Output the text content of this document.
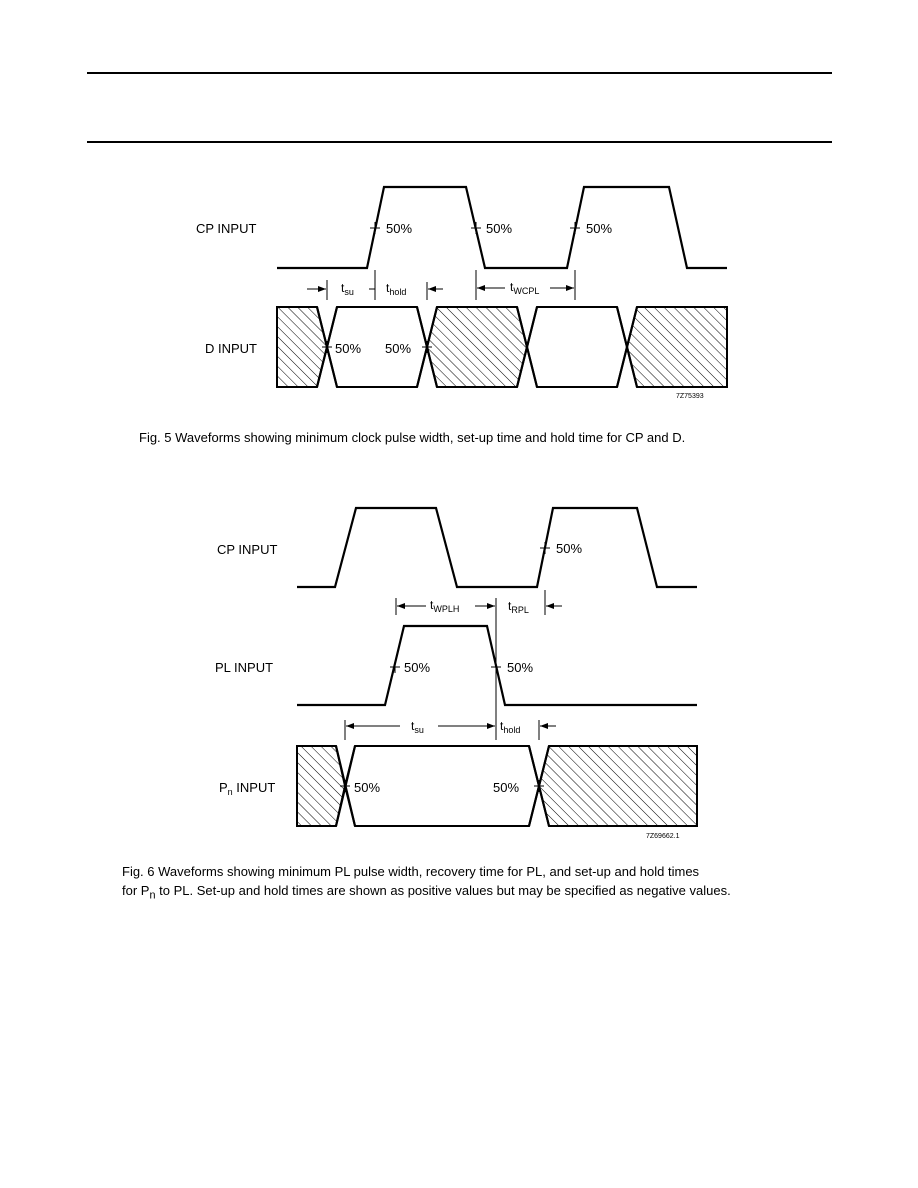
CP INPUT
D INPUT
50%	50%	50%
50% 50%
$t_{su}$	$t_{hold}$	$t_{WCPL}$
7Z75393
CP INPUT
PL INPUT
$P_n$ INPUT
50%
50%	50%
50%	50%
$t_{WPLH}$	$t_{RPL}$
$t_{su}$	$t_{hold}$
7Z69662.1
Fig. 5 Waveforms showing minimum clock pulse width, set-up time and hold time for CP and D.
Fig. 6 Waveforms showing minimum PL pulse width, recovery time for PL, and set-up and hold times
for $P_n$ to PL. Set-up and hold times are shown as positive values but may be specified as negative values.
